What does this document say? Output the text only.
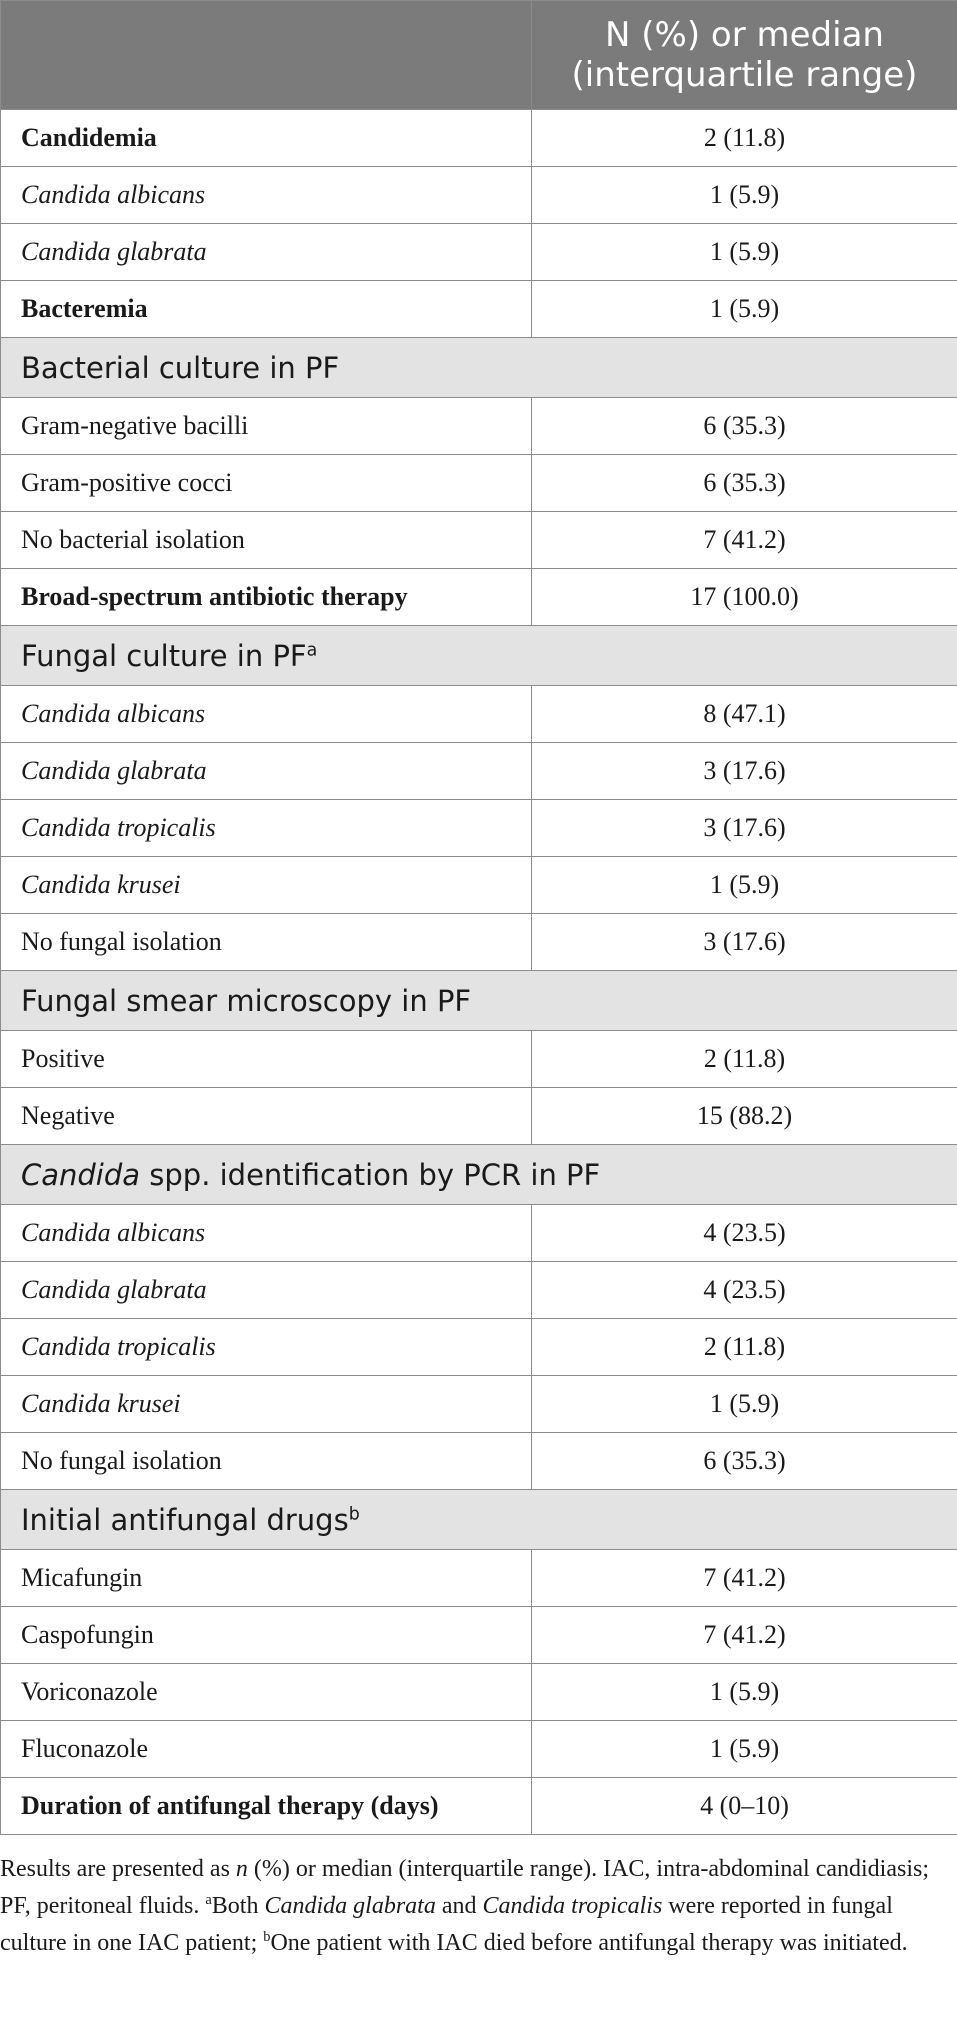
	N (%) or median (interquartile range)
Candidemia	2 (11.8)
Candida albicans	1 (5.9)
Candida glabrata	1 (5.9)
Bacteremia	1 (5.9)
Bacterial culture in PF	
Gram-negative bacilli	6 (35.3)
Gram-positive cocci	6 (35.3)
No bacterial isolation	7 (41.2)
Broad-spectrum antibiotic therapy	17 (100.0)
Fungal culture in $PF^a$
Candida albicans	8 (47.1)
Candida glabrata	3 (17.6)
Candida tropicalis	3 (17.6)
Candida krusei	1 (5.9)
No fungal isolation	3 (17.6)
Fungal smear microscopy in PF	
Positive	2 (11.8)
Negative	15 (88.2)
Candida spp. identification by PCR in PF	
Candida albicans	4 (23.5)
Candida glabrata	4 (23.5)
Candida tropicalis	2 (11.8)
Candida krusei	1 (5.9)
No fungal isolation	6 (35.3)
Initial antifungal drugs$^b$
Micafungin	7 (41.2)
Caspofungin	7 (41.2)
Voriconazole	1 (5.9)
Fluconazole	1 (5.9)
Duration of antifungal therapy (days)	4 (0–10)

Results are presented as n (%) or median (interquartile range). IAC, intra-abdominal candidiasis; PF, peritoneal fluids. $^a$Both Candida glabrata and Candida tropicalis were reported in fungal culture in one IAC patient; $^b$One patient with IAC died before antifungal therapy was initiated.
